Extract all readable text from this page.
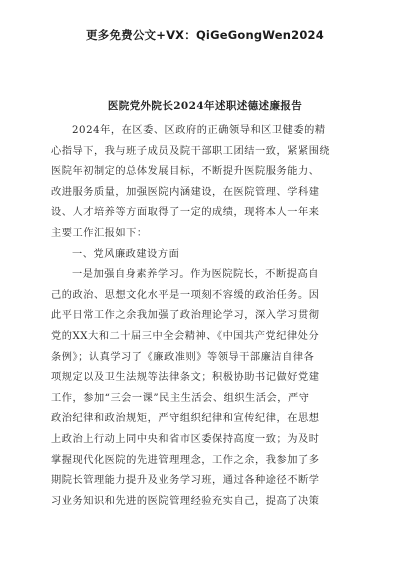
更多免费公文+VX：QiGeGongWen2024
医院党外院长2024年述职述德述廉报告
2024年，在区委、区政府的正确领导和区卫健委的精
心指导下，我与班子成员及院干部职工团结一致，紧紧围绕
医院年初制定的总体发展目标，不断提升医院服务能力、
改进服务质量，加强医院内涵建设，在医院管理、学科建
设、人才培养等方面取得了一定的成绩，现将本人一年来
主要工作汇报如下：
一、党风廉政建设方面
一是加强自身素养学习。作为医院院长，不断提高自
己的政治、思想文化水平是一项刻不容缓的政治任务。因
此平日常工作之余我加强了政治理论学习，深入学习贯彻
党的XX大和二十届三中全会精神、《中国共产党纪律处分
条例》；认真学习了《廉政准则》等领导干部廉洁自律各
项规定以及卫生法规等法律条文；积极协助书记做好党建
工作，参加“三会一课”民主生活会、组织生活会，严守
政治纪律和政治规矩，严守组织纪律和宣传纪律，在思想
上政治上行动上同中央和省市区委保持高度一致；为及时
掌握现代化医院的先进管理理念，工作之余，我参加了多
期院长管理能力提升及业务学习班，通过各种途径不断学
习业务知识和先进的医院管理经验充实自己，提高了决策
